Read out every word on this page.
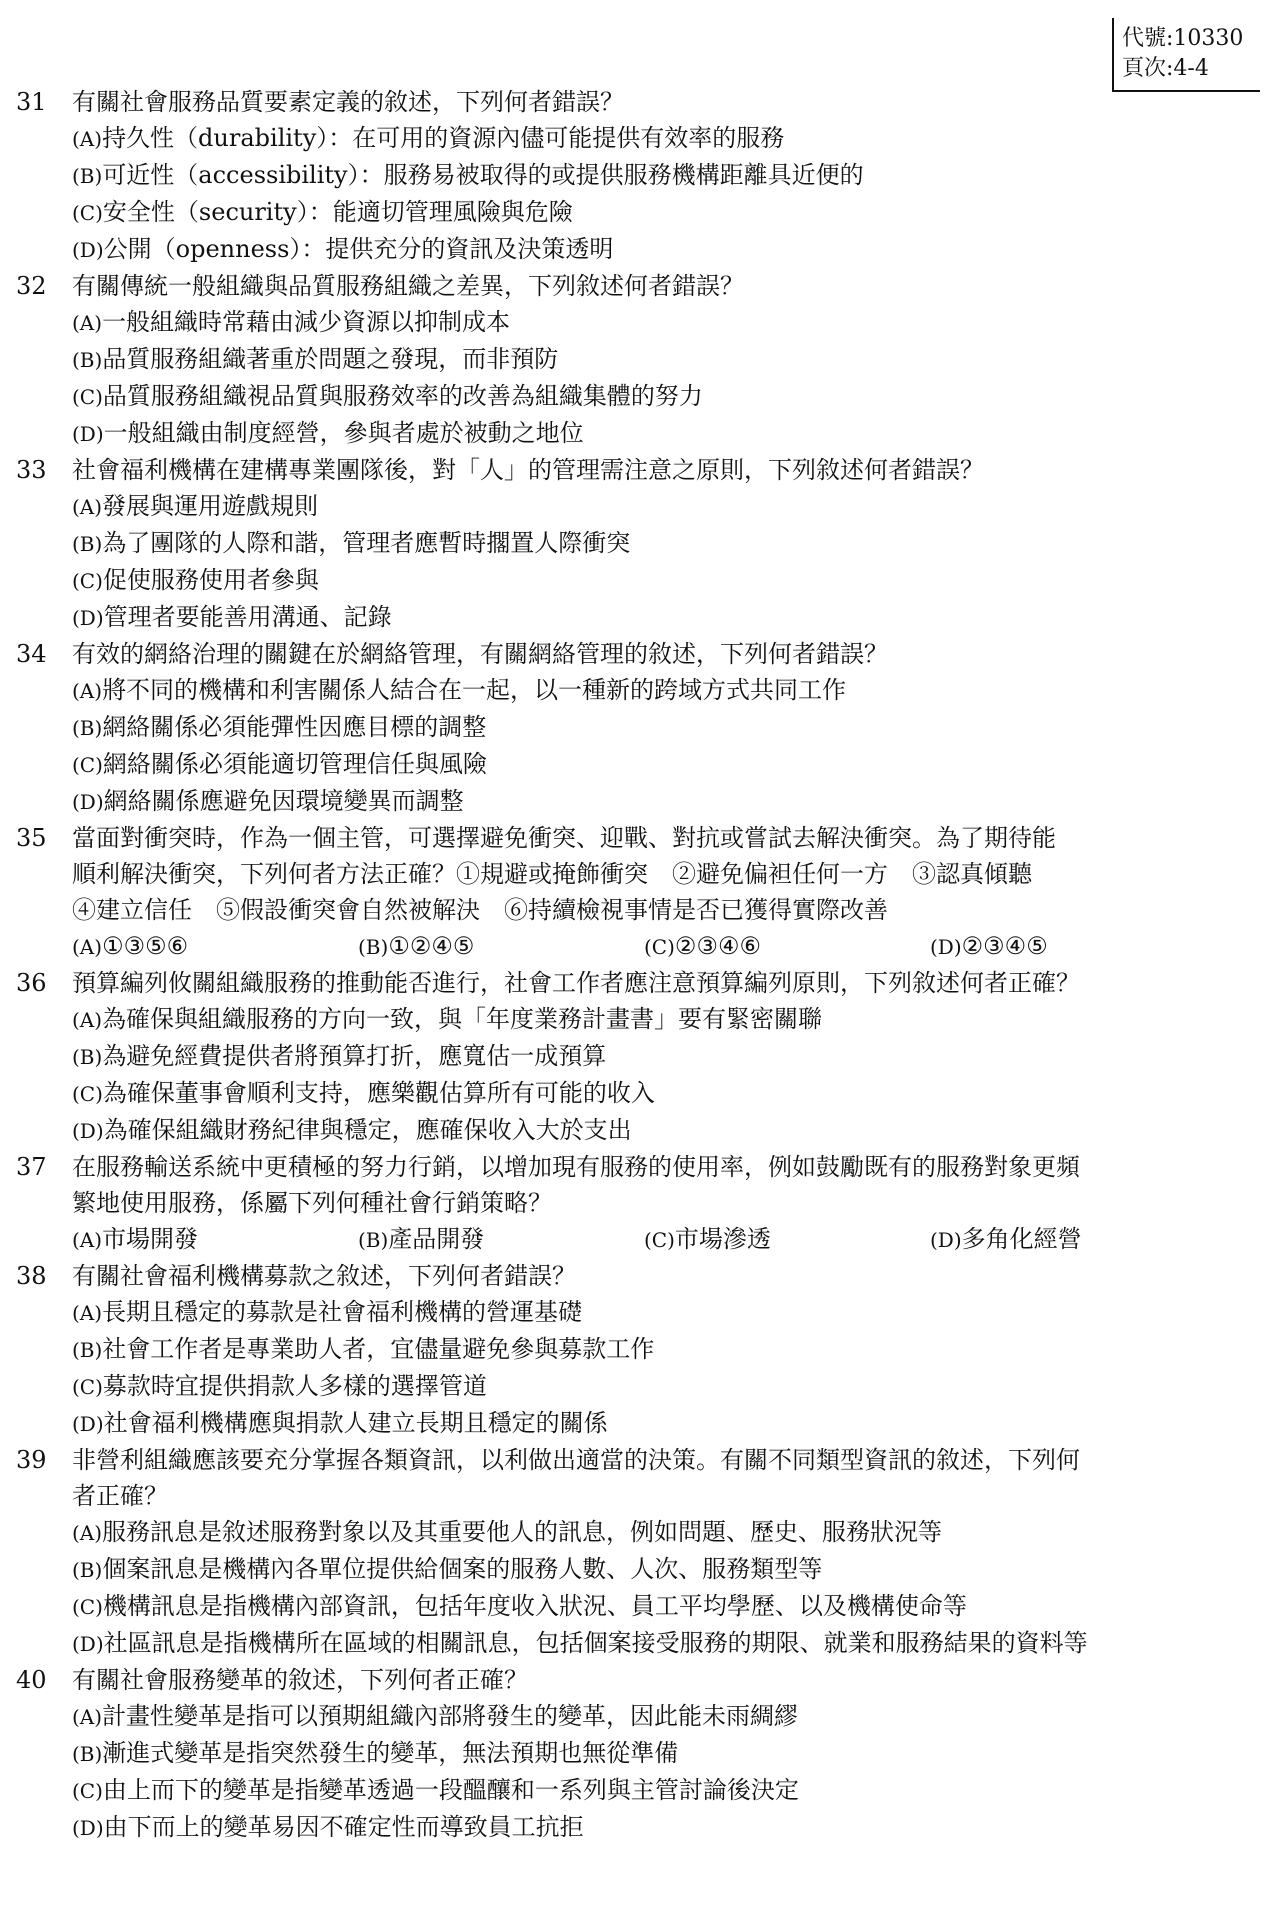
代號:10330
頁次:4-4
31	有關社會服務品質要素定義的敘述，下列何者錯誤？
(A)持久性（durability）：在可用的資源內儘可能提供有效率的服務
(B)可近性（accessibility）：服務易被取得的或提供服務機構距離具近便的
(C)安全性（security）：能適切管理風險與危險
(D)公開（openness）：提供充分的資訊及決策透明
32	有關傳統一般組織與品質服務組織之差異，下列敘述何者錯誤？
(A)一般組織時常藉由減少資源以抑制成本
(B)品質服務組織著重於問題之發現，而非預防
(C)品質服務組織視品質與服務效率的改善為組織集體的努力
(D)一般組織由制度經營，參與者處於被動之地位
33	社會福利機構在建構專業團隊後，對「人」的管理需注意之原則，下列敘述何者錯誤？
(A)發展與運用遊戲規則
(B)為了團隊的人際和諧，管理者應暫時擱置人際衝突
(C)促使服務使用者參與
(D)管理者要能善用溝通、記錄
34	有效的網絡治理的關鍵在於網絡管理，有關網絡管理的敘述，下列何者錯誤？
(A)將不同的機構和利害關係人結合在一起，以一種新的跨域方式共同工作
(B)網絡關係必須能彈性因應目標的調整
(C)網絡關係必須能適切管理信任與風險
(D)網絡關係應避免因環境變異而調整
35	當面對衝突時，作為一個主管，可選擇避免衝突、迎戰、對抗或嘗試去解決衝突。為了期待能
順利解決衝突，下列何者方法正確？①規避或掩飾衝突　②避免偏袒任何一方　③認真傾聽
④建立信任　⑤假設衝突會自然被解決　⑥持續檢視事情是否已獲得實際改善
(A)①③⑤⑥	(B)①②④⑤	(C)②③④⑥	(D)②③④⑤
36	預算編列攸關組織服務的推動能否進行，社會工作者應注意預算編列原則，下列敘述何者正確？
(A)為確保與組織服務的方向一致，與「年度業務計畫書」要有緊密關聯
(B)為避免經費提供者將預算打折，應寬估一成預算
(C)為確保董事會順利支持，應樂觀估算所有可能的收入
(D)為確保組織財務紀律與穩定，應確保收入大於支出
37	在服務輸送系統中更積極的努力行銷，以增加現有服務的使用率，例如鼓勵既有的服務對象更頻
繁地使用服務，係屬下列何種社會行銷策略？
(A)市場開發	(B)產品開發	(C)市場滲透	(D)多角化經營
38	有關社會福利機構募款之敘述，下列何者錯誤？
(A)長期且穩定的募款是社會福利機構的營運基礎
(B)社會工作者是專業助人者，宜儘量避免參與募款工作
(C)募款時宜提供捐款人多樣的選擇管道
(D)社會福利機構應與捐款人建立長期且穩定的關係
39	非營利組織應該要充分掌握各類資訊，以利做出適當的決策。有關不同類型資訊的敘述，下列何
者正確？
(A)服務訊息是敘述服務對象以及其重要他人的訊息，例如問題、歷史、服務狀況等
(B)個案訊息是機構內各單位提供給個案的服務人數、人次、服務類型等
(C)機構訊息是指機構內部資訊，包括年度收入狀況、員工平均學歷、以及機構使命等
(D)社區訊息是指機構所在區域的相關訊息，包括個案接受服務的期限、就業和服務結果的資料等
40	有關社會服務變革的敘述，下列何者正確？
(A)計畫性變革是指可以預期組織內部將發生的變革，因此能未雨綢繆
(B)漸進式變革是指突然發生的變革，無法預期也無從準備
(C)由上而下的變革是指變革透過一段醞釀和一系列與主管討論後決定
(D)由下而上的變革易因不確定性而導致員工抗拒
